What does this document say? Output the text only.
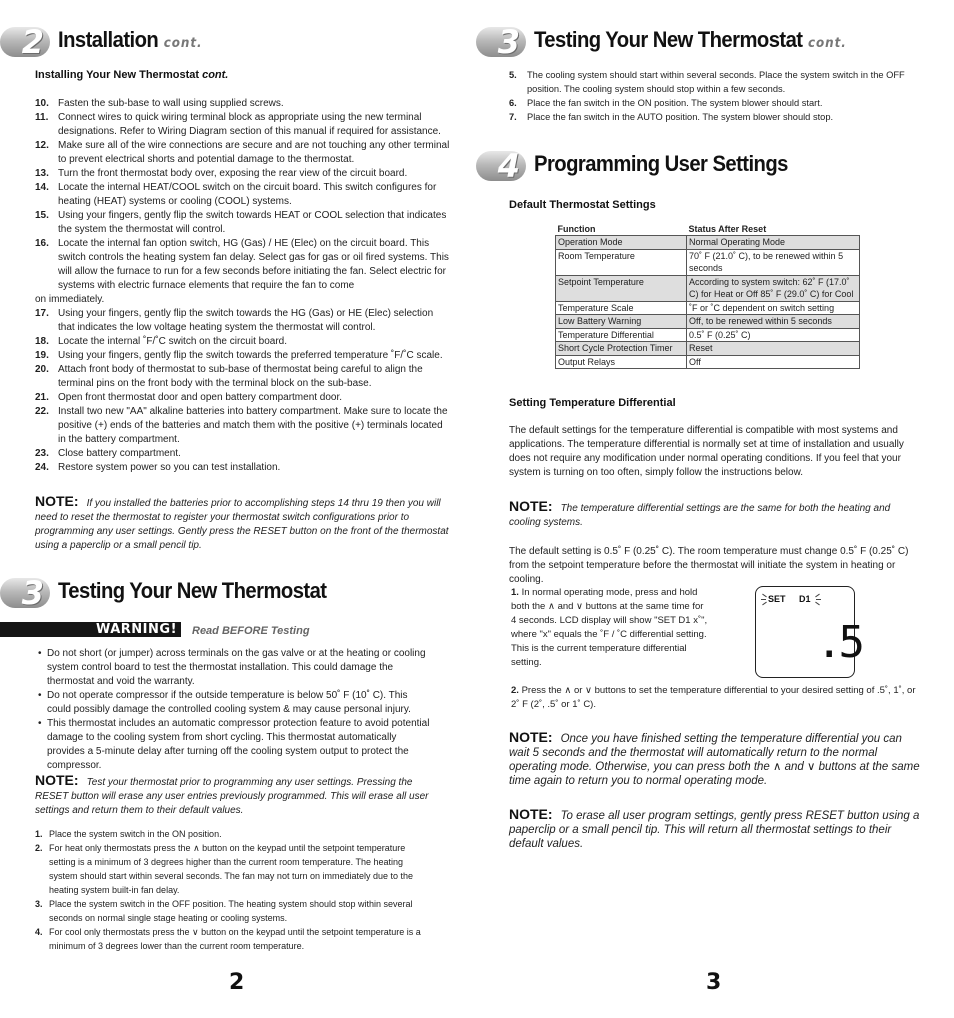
2 Installation cont.
Installing Your New Thermostat cont.
10. Fasten the sub-base to wall using supplied screws.
11. Connect wires to quick wiring terminal block as appropriate using the new terminal designations. Refer to Wiring Diagram section of this manual if required for assistance.
12. Make sure all of the wire connections are secure and are not touching any other terminal to prevent electrical shorts and potential damage to the thermostat.
13. Turn the front thermostat body over, exposing the rear view of the circuit board.
14. Locate the internal HEAT/COOL switch on the circuit board. This switch configures for heating (HEAT) systems or cooling (COOL) systems.
15. Using your fingers, gently flip the switch towards HEAT or COOL selection that indicates the system the thermostat will control.
16. Locate the internal fan option switch, HG (Gas) / HE (Elec) on the circuit board. This switch controls the heating system fan delay. Select gas for gas or oil fired systems. This will allow the furnace to run for a few seconds before initiating the fan. Select electric for systems with electric furnace elements that require the fan to come
on immediately.
17. Using your fingers, gently flip the switch towards the HG (Gas) or HE (Elec) selection that indicates the low voltage heating system the thermostat will control.
18. Locate the internal ˚F/˚C switch on the circuit board.
19. Using your fingers, gently flip the switch towards the preferred temperature ˚F/˚C scale.
20. Attach front body of thermostat to sub-base of thermostat being careful to align the terminal pins on the front body with the terminal block on the sub-base.
21. Open front thermostat door and open battery compartment door.
22. Install two new "AA" alkaline batteries into battery compartment. Make sure to locate the positive (+) ends of the batteries and match them with the positive (+) terminals located in the battery compartment.
23. Close battery compartment.
24. Restore system power so you can test installation.
NOTE: If you installed the batteries prior to accomplishing steps 14 thru 19 then you will need to reset the thermostat to register your thermostat switch configurations prior to programming any user settings. Gently press the RESET button on the front of the thermostat using a paperclip or a small pencil tip.
3 Testing Your New Thermostat
WARNING!	Read BEFORE Testing
• Do not short (or jumper) across terminals on the gas valve or at the heating or cooling system control board to test the thermostat installation. This could damage the thermostat and void the warranty.
• Do not operate compressor if the outside temperature is below 50˚ F (10˚ C). This could possibly damage the controlled cooling system & may cause personal injury.
• This thermostat includes an automatic compressor protection feature to avoid potential damage to the cooling system from short cycling. This thermostat automatically provides a 5-minute delay after turning off the cooling system output to protect the compressor.
NOTE: Test your thermostat prior to programming any user settings. Pressing the RESET button will erase any user entries previously programmed. This will erase all user settings and return them to their default values.
1. Place the system switch in the ON position.
2. For heat only thermostats press the ∧ button on the keypad until the setpoint temperature setting is a minimum of 3 degrees higher than the current room temperature. The heating system should start within several seconds. The fan may not turn on immediately due to the heating system built-in fan delay.
3. Place the system switch in the OFF position. The heating system should stop within several seconds on normal single stage heating or cooling systems.
4. For cool only thermostats press the ∨ button on the keypad until the setpoint temperature is a minimum of 3 degrees lower than the current room temperature.
2
3 Testing Your New Thermostat cont.
5. The cooling system should start within several seconds. Place the system switch in the OFF position. The cooling system should stop within a few seconds.
6. Place the fan switch in the ON position. The system blower should start.
7. Place the fan switch in the AUTO position. The system blower should stop.
4 Programming User Settings
Default Thermostat Settings
Function	Status After Reset
Operation Mode	Normal Operating Mode
Room Temperature	70˚ F (21.0˚ C), to be renewed within 5 seconds
Setpoint Temperature	According to system switch: 62˚ F (17.0˚ C) for Heat or Off 85˚ F (29.0˚ C) for Cool
Temperature Scale	˚F or ˚C dependent on switch setting
Low Battery Warning	Off, to be renewed within 5 seconds
Temperature Differential	0.5˚ F (0.25˚ C)
Short Cycle Protection Timer	Reset
Output Relays	Off
Setting Temperature Differential
The default settings for the temperature differential is compatible with most systems and applications. The temperature differential is normally set at time of installation and usually does not require any modification under normal operating conditions. If you feel that your system is turning on too often, simply follow the instructions below.
NOTE: The temperature differential settings are the same for both the heating and cooling systems.
The default setting is 0.5˚ F (0.25˚ C). The room temperature must change 0.5˚ F (0.25˚ C) from the setpoint temperature before the thermostat will initiate the system in heating or cooling.
1. In normal operating mode, press and hold both the ∧ and ∨ buttons at the same time for 4 seconds. LCD display will show "SET D1 x˚", where "x" equals the ˚F / ˚C differential setting. This is the current temperature differential setting.
SET D1
.5
2. Press the ∧ or ∨ buttons to set the temperature differential to your desired setting of .5˚, 1˚, or 2˚ F (2˚, .5˚ or 1˚ C).
NOTE: Once you have finished setting the temperature differential you can wait 5 seconds and the thermostat will automatically return to the normal operating mode. Otherwise, you can press both the ∧ and ∨ buttons at the same time again to return you to normal operating mode.
NOTE: To erase all user program settings, gently press RESET button using a paperclip or a small pencil tip. This will return all thermostat settings to their default values.
3
